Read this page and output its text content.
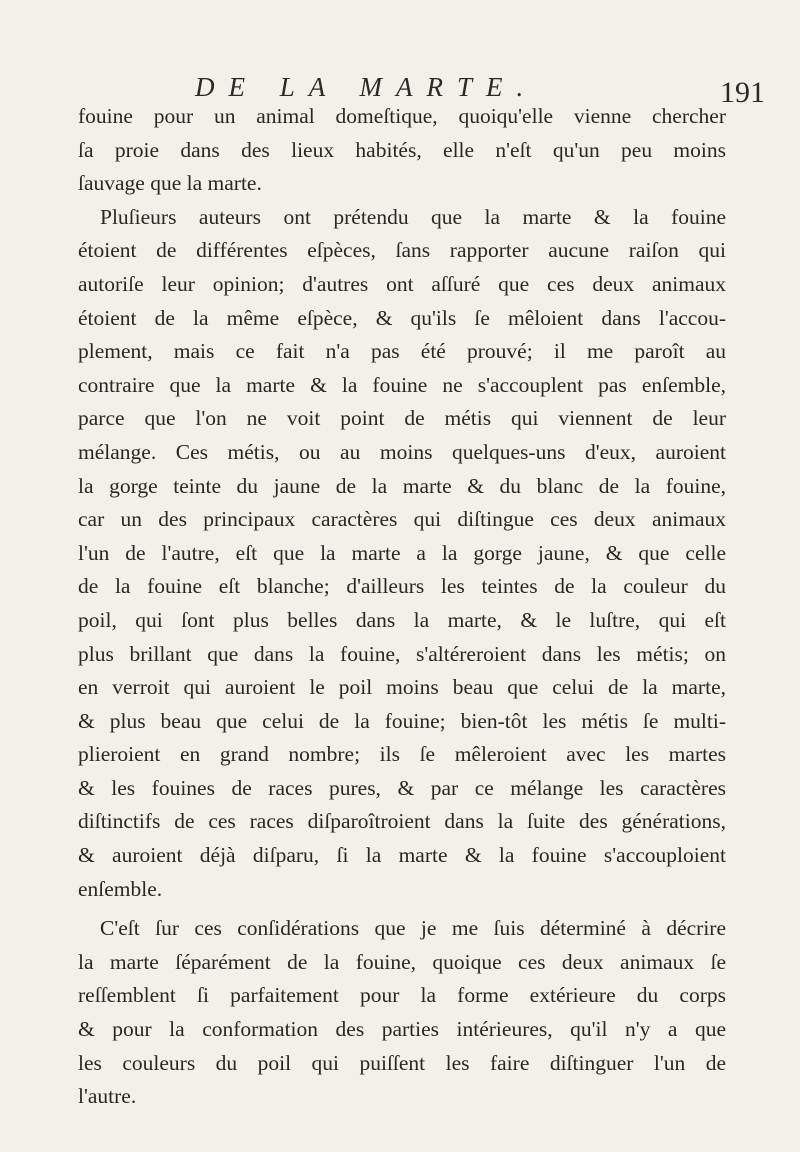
DE LA MARTE.	191
fouine pour un animal domeſtique, quoiqu'elle vienne chercher
ſa proie dans des lieux habités, elle n'eſt qu'un peu moins
ſauvage que la marte.
Pluſieurs auteurs ont prétendu que la marte & la fouine
étoient de différentes eſpèces, ſans rapporter aucune raiſon qui
autoriſe leur opinion; d'autres ont aſſuré que ces deux animaux
étoient de la même eſpèce, & qu'ils ſe mêloient dans l'accou-
plement, mais ce fait n'a pas été prouvé; il me paroît au
contraire que la marte & la fouine ne s'accouplent pas enſemble,
parce que l'on ne voit point de métis qui viennent de leur
mélange. Ces métis, ou au moins quelques-uns d'eux, auroient
la gorge teinte du jaune de la marte & du blanc de la fouine,
car un des principaux caractères qui diſtingue ces deux animaux
l'un de l'autre, eſt que la marte a la gorge jaune, & que celle
de la fouine eſt blanche; d'ailleurs les teintes de la couleur du
poil, qui ſont plus belles dans la marte, & le luſtre, qui eſt
plus brillant que dans la fouine, s'altéreroient dans les métis; on
en verroit qui auroient le poil moins beau que celui de la marte,
& plus beau que celui de la fouine; bien-tôt les métis ſe multi-
plieroient en grand nombre; ils ſe mêleroient avec les martes
& les fouines de races pures, & par ce mélange les caractères
diſtinctifs de ces races diſparoîtroient dans la ſuite des générations,
& auroient déjà diſparu, ſi la marte & la fouine s'accouploient
enſemble.
C'eſt ſur ces conſidérations que je me ſuis déterminé à décrire
la marte ſéparément de la fouine, quoique ces deux animaux ſe
reſſemblent ſi parfaitement pour la forme extérieure du corps
& pour la conformation des parties intérieures, qu'il n'y a que
les couleurs du poil qui puiſſent les faire diſtinguer l'un de
l'autre.
